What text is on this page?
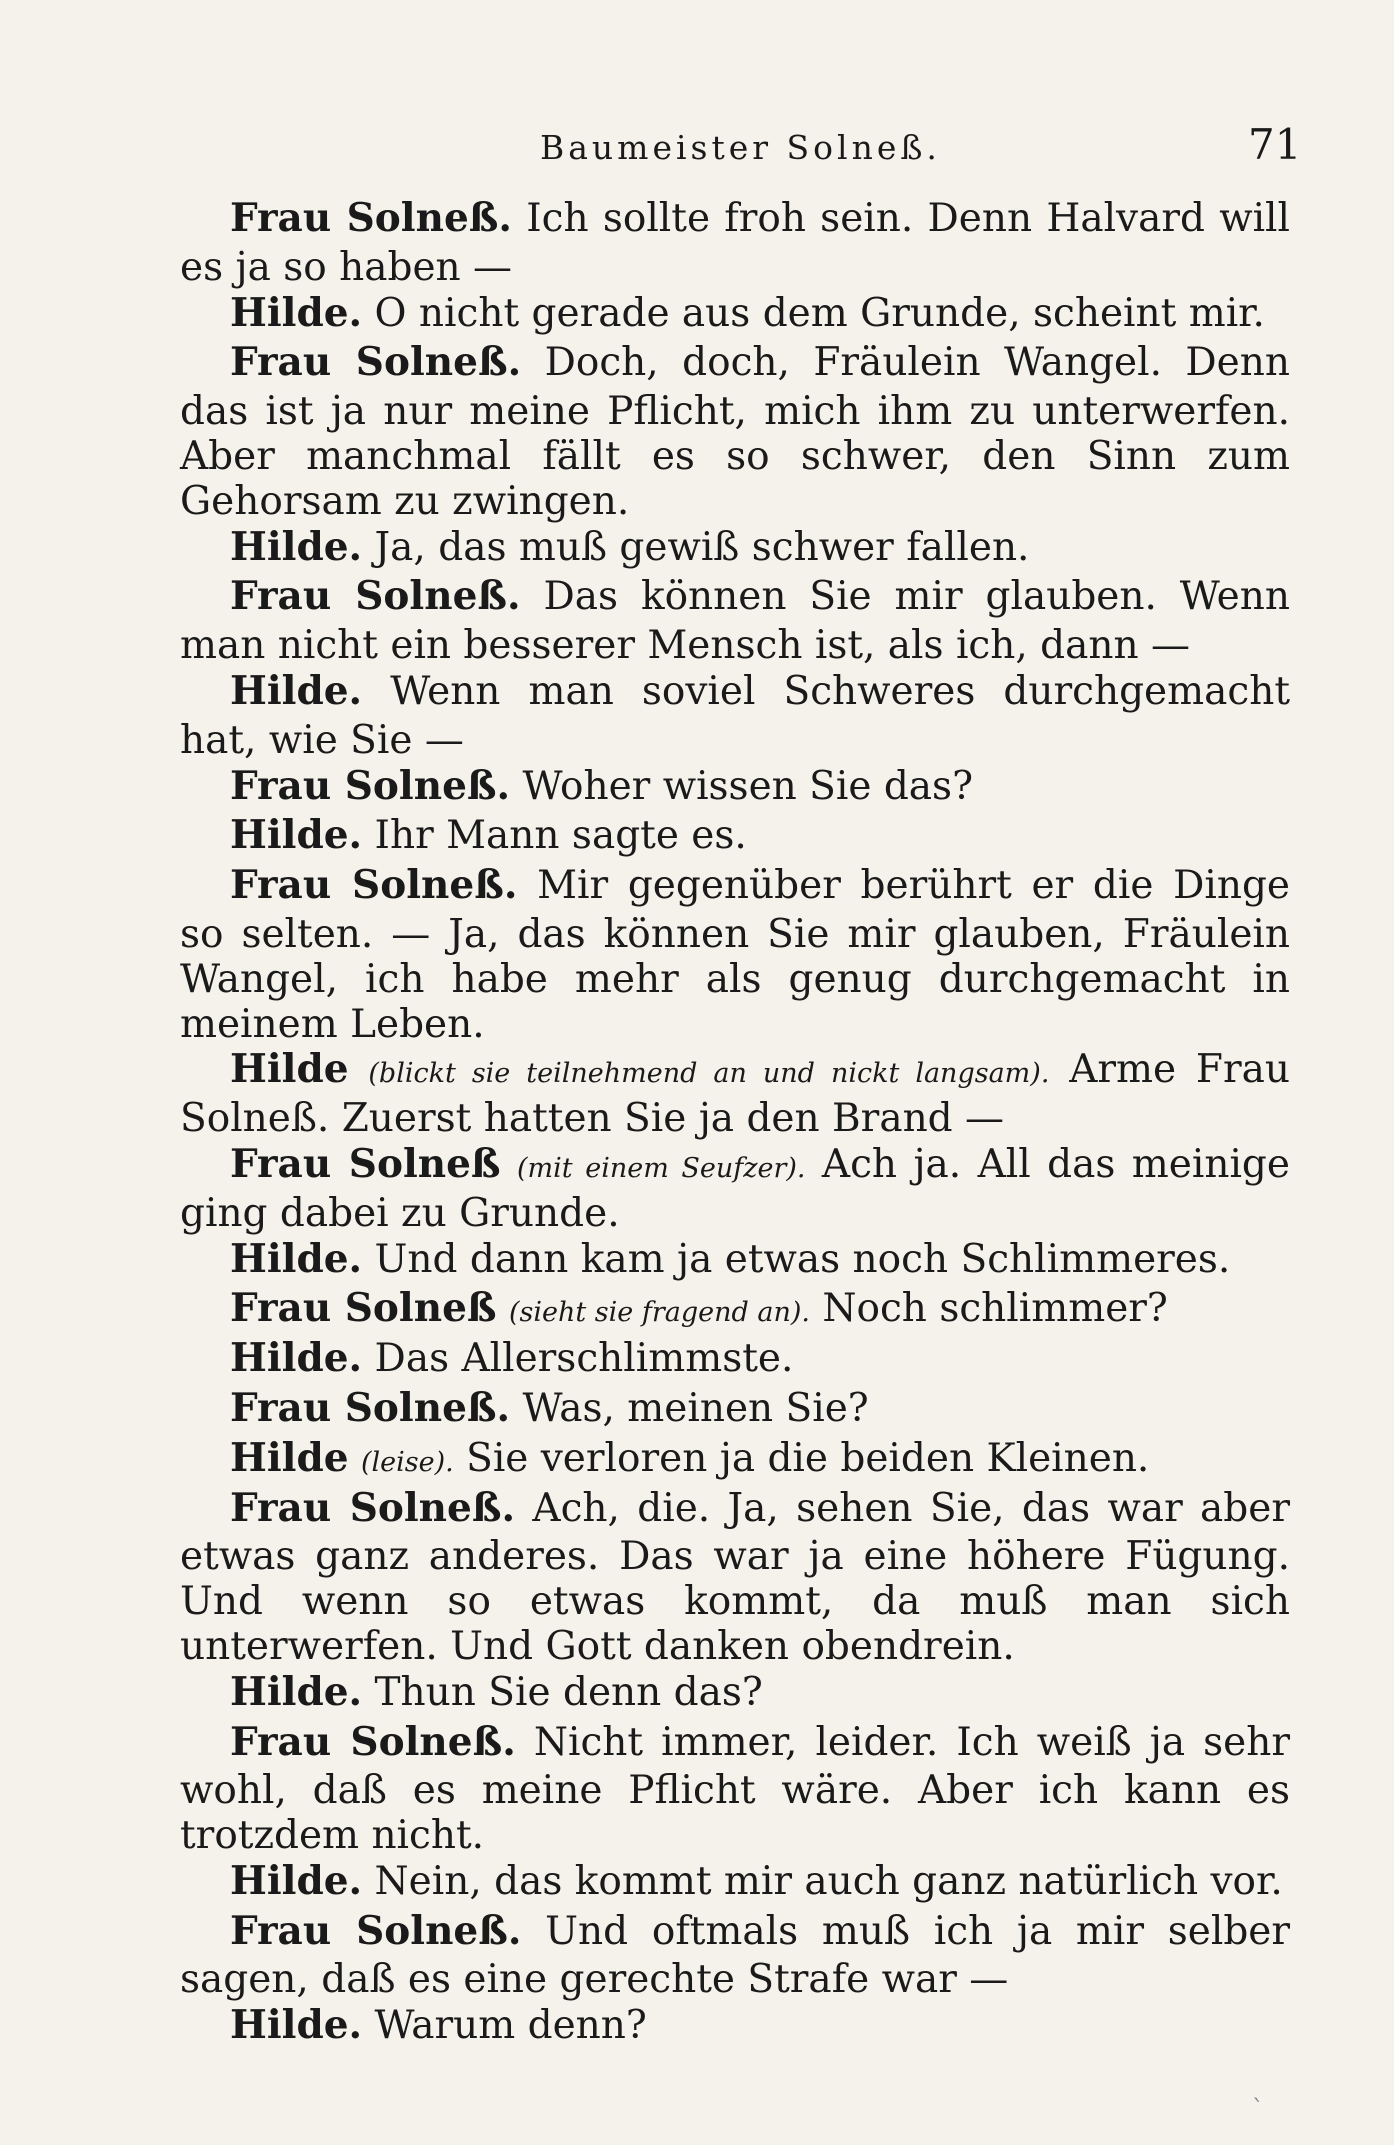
Baumeister Solneß.	71

Frau Solneß. Ich sollte froh sein. Denn Halvard will es ja so haben —

Hilde. O nicht gerade aus dem Grunde, scheint mir.

Frau Solneß. Doch, doch, Fräulein Wangel. Denn das ist ja nur meine Pflicht, mich ihm zu unterwerfen. Aber manchmal fällt es so schwer, den Sinn zum Gehorsam zu zwingen.

Hilde. Ja, das muß gewiß schwer fallen.

Frau Solneß. Das können Sie mir glauben. Wenn man nicht ein besserer Mensch ist, als ich, dann —

Hilde. Wenn man soviel Schweres durchgemacht hat, wie Sie —

Frau Solneß. Woher wissen Sie das?

Hilde. Ihr Mann sagte es.

Frau Solneß. Mir gegenüber berührt er die Dinge so selten. — Ja, das können Sie mir glauben, Fräulein Wangel, ich habe mehr als genug durchgemacht in meinem Leben.

Hilde (blickt sie teilnehmend an und nickt langsam). Arme Frau Solneß. Zuerst hatten Sie ja den Brand —

Frau Solneß (mit einem Seufzer). Ach ja. All das meinige ging dabei zu Grunde.

Hilde. Und dann kam ja etwas noch Schlimmeres.

Frau Solneß (sieht sie fragend an). Noch schlimmer?

Hilde. Das Allerschlimmste.

Frau Solneß. Was, meinen Sie?

Hilde (leise). Sie verloren ja die beiden Kleinen.

Frau Solneß. Ach, die. Ja, sehen Sie, das war aber etwas ganz anderes. Das war ja eine höhere Fügung. Und wenn so etwas kommt, da muß man sich unterwerfen. Und Gott danken obendrein.

Hilde. Thun Sie denn das?

Frau Solneß. Nicht immer, leider. Ich weiß ja sehr wohl, daß es meine Pflicht wäre. Aber ich kann es trotzdem nicht.

Hilde. Nein, das kommt mir auch ganz natürlich vor.

Frau Solneß. Und oftmals muß ich ja mir selber sagen, daß es eine gerechte Strafe war —

Hilde. Warum denn?

`
